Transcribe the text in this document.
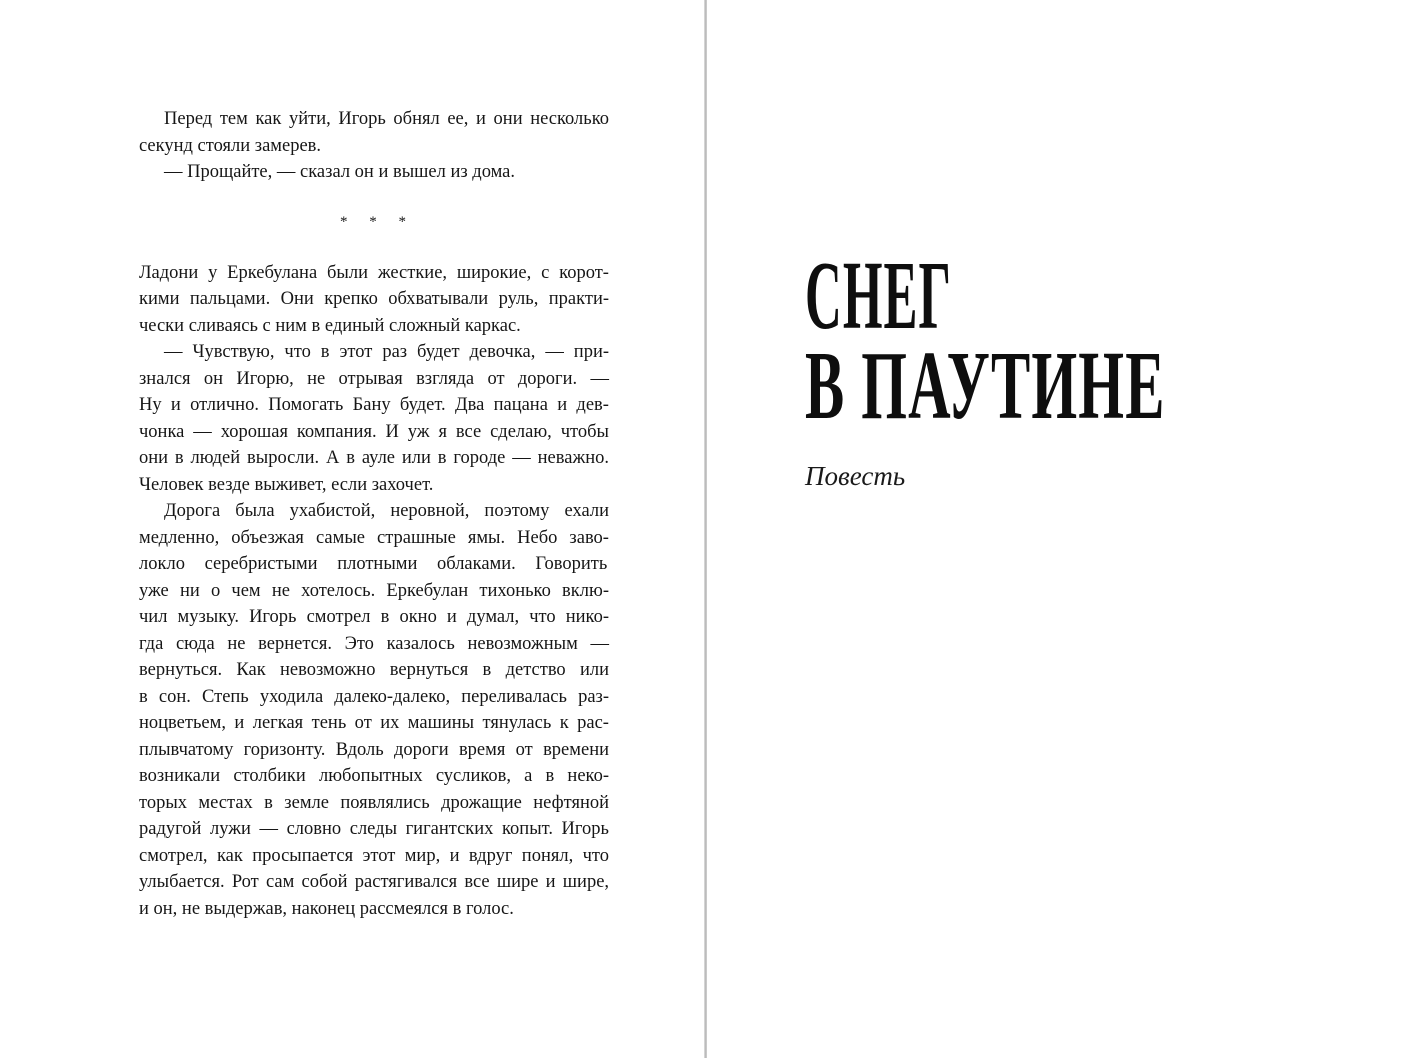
Перед тем как уйти, Игорь обнял ее, и они несколько
секунд стояли замерев.
— Прощайте, — сказал он и вышел из дома.
* * *
Ладони у Еркебулана были жесткие, широкие, с корот-
кими пальцами. Они крепко обхватывали руль, практи-
чески сливаясь с ним в единый сложный каркас.
— Чувствую, что в этот раз будет девочка, — при-
знался он Игорю, не отрывая взгляда от дороги. —
Ну и отлично. Помогать Бану будет. Два пацана и дев-
чонка — хорошая компания. И уж я все сделаю, чтобы
они в людей выросли. А в ауле или в городе — неважно.
Человек везде выживет, если захочет.
Дорога была ухабистой, неровной, поэтому ехали
медленно, объезжая самые страшные ямы. Небо заво-
локло серебристыми плотными облаками. Говорить
уже ни о чем не хотелось. Еркебулан тихонько вклю-
чил музыку. Игорь смотрел в окно и думал, что нико-
гда сюда не вернется. Это казалось невозможным —
вернуться. Как невозможно вернуться в детство или
в сон. Степь уходила далеко-далеко, переливалась раз-
ноцветьем, и легкая тень от их машины тянулась к рас-
плывчатому горизонту. Вдоль дороги время от времени
возникали столбики любопытных сусликов, а в неко-
торых местах в земле появлялись дрожащие нефтяной
радугой лужи — словно следы гигантских копыт. Игорь
смотрел, как просыпается этот мир, и вдруг понял, что
улыбается. Рот сам собой растягивался все шире и шире,
и он, не выдержав, наконец рассмеялся в голос.
СНЕГ
В ПАУТИНЕ
Повесть
